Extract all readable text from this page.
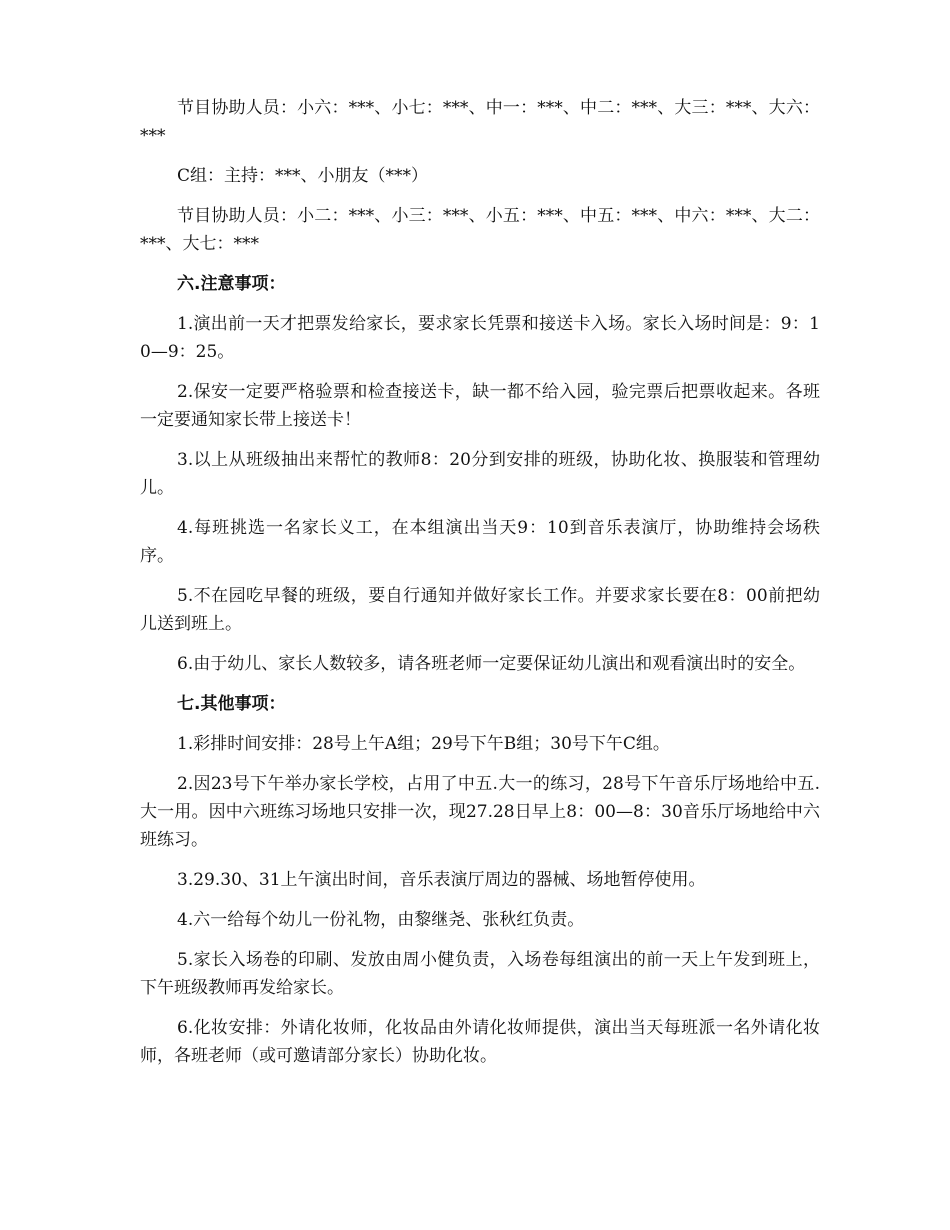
节目协助人员：小六：***、小七：***、中一：***、中二：***、大三：***、大六：***

C组：主持：***、小朋友（***）

节目协助人员：小二：***、小三：***、小五：***、中五：***、中六：***、大二：***、大七：***

六.注意事项：

1.演出前一天才把票发给家长，要求家长凭票和接送卡入场。家长入场时间是：9：10—9：25。

2.保安一定要严格验票和检查接送卡，缺一都不给入园，验完票后把票收起来。各班一定要通知家长带上接送卡！

3.以上从班级抽出来帮忙的教师8：20分到安排的班级，协助化妆、换服装和管理幼儿。

4.每班挑选一名家长义工，在本组演出当天9：10到音乐表演厅，协助维持会场秩序。

5.不在园吃早餐的班级，要自行通知并做好家长工作。并要求家长要在8：00前把幼儿送到班上。

6.由于幼儿、家长人数较多，请各班老师一定要保证幼儿演出和观看演出时的安全。

七.其他事项：

1.彩排时间安排：28号上午A组；29号下午B组；30号下午C组。

2.因23号下午举办家长学校，占用了中五.大一的练习，28号下午音乐厅场地给中五.大一用。因中六班练习场地只安排一次，现27.28日早上8：00—8：30音乐厅场地给中六班练习。

3.29.30、31上午演出时间，音乐表演厅周边的器械、场地暂停使用。

4.六一给每个幼儿一份礼物，由黎继尧、张秋红负责。

5.家长入场卷的印刷、发放由周小健负责，入场卷每组演出的前一天上午发到班上，下午班级教师再发给家长。

6.化妆安排：外请化妆师，化妆品由外请化妆师提供，演出当天每班派一名外请化妆师，各班老师（或可邀请部分家长）协助化妆。
